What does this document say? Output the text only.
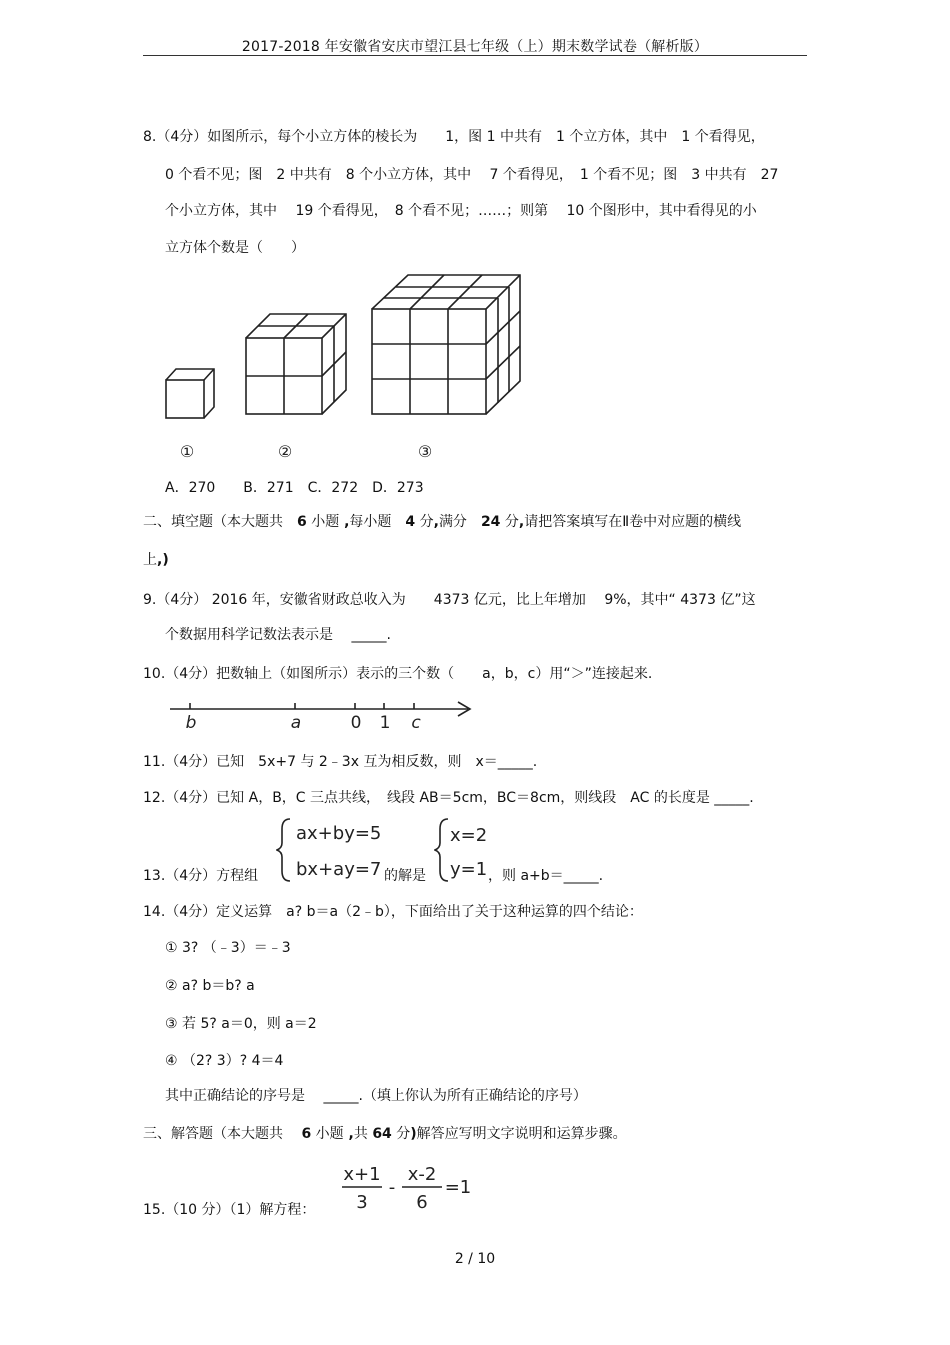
2017-2018 年安徽省安庆市望江县七年级（上）期末数学试卷（解析版）
8.（4分）如图所示，每个小立方体的棱长为　　1，图 1 中共有　1 个立方体，其中　1 个看得见，
0 个看不见；图　2 中共有　8 个小立方体，其中　 7 个看得见，　1 个看不见；图　3 中共有　27
个小立方体，其中　 19 个看得见，　8 个看不见；……；则第　 10 个图形中，其中看得见的小
立方体个数是（　　）
①	②	③
A．270　　B．271　C．272　D．273
二、填空题（本大题共　6 小题 ,每小题　4 分,满分　24 分,请把答案填写在Ⅱ卷中对应题的横线
上,)
9.（4分） 2016 年，安徽省财政总收入为　　4373 亿元，比上年增加　 9%，其中“ 4373 亿”这
个数据用科学记数法表示是　 _____.
10.（4分）把数轴上（如图所示）表示的三个数（　　a，b，c）用“＞”连接起来.
b	a	0 1 c
11.（4分）已知　5x+7 与 2﹣3x 互为相反数，则　x＝_____.
12.（4分）已知 A，B，C 三点共线，　线段 AB＝5cm，BC＝8cm，则线段　AC 的长度是 _____.
13.（4分）方程组
ax+by=5
bx+ay=7 的解是
x=2
y=1 ，则 a+b＝_____.
14.（4分）定义运算　a? b＝a（2﹣b），下面给出了关于这种运算的四个结论：
① 3? （﹣3）＝﹣3
② a? b＝b? a
③ 若 5? a＝0，则 a＝2
④ （2? 3）? 4＝4
其中正确结论的序号是　 _____.（填上你认为所有正确结论的序号）
三、解答题（本大题共　 6 小题 ,共 64 分)解答应写明文字说明和运算步骤。
15.（10 分）（1）解方程：
x+1
3
-
x-2
6
=1
2 / 10
